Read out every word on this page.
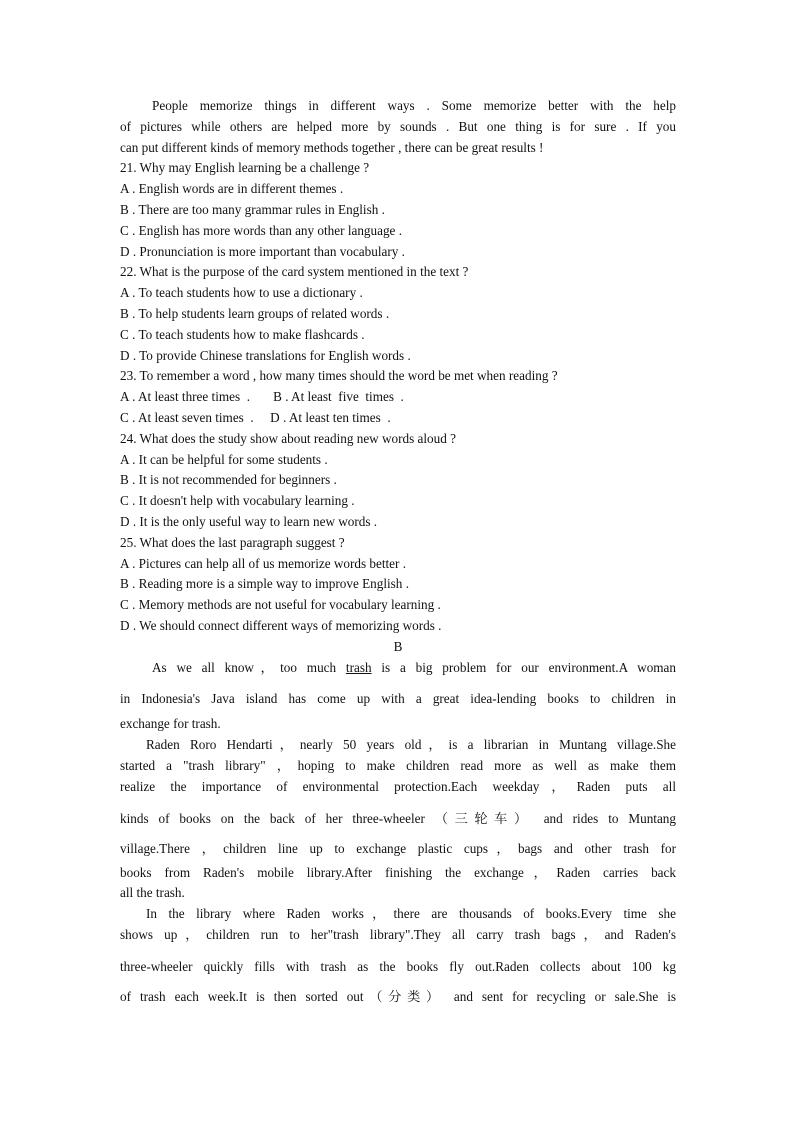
People memorize things in different ways . Some memorize better with the help
of pictures while others are helped more by sounds . But one thing is for sure . If you
can put different kinds of memory methods together , there can be great results !
21. Why may English learning be a challenge ?
A . English words are in different themes .
B . There are too many grammar rules in English .
C . English has more words than any other language .
D . Pronunciation is more important than vocabulary .
22. What is the purpose of the card system mentioned in the text ?
A . To teach students how to use a dictionary .
B . To help students learn groups of related words .
C . To teach students how to make flashcards .
D . To provide Chinese translations for English words .
23. To remember a word , how many times should the word be met when reading ?
A . At least three times  .       B . At least  five  times  .
C . At least seven times  .     D . At least ten times  .
24. What does the study show about reading new words aloud ?
A . It can be helpful for some students .
B . It is not recommended for beginners .
C . It doesn't help with vocabulary learning .
D . It is the only useful way to learn new words .
25. What does the last paragraph suggest ?
A . Pictures can help all of us memorize words better .
B . Reading more is a simple way to improve English .
C . Memory methods are not useful for vocabulary learning .
D . We should connect different ways of memorizing words .
B
As we all know，too much trash is a big problem for our environment.A woman
in Indonesia's Java island has come up with a great idea-lending books to children in
exchange for trash.
Raden Roro Hendarti，nearly 50 years old，is a librarian in Muntang village.She
started a "trash library" ，hoping to make children read more as well as make them
realize the importance of environmental protection.Each weekday，Raden puts all
kinds of books on the back of her three-wheeler （三轮车） and rides to Muntang
village.There ，children line up to exchange plastic cups，bags and other trash for
books from Raden's mobile library.After finishing the exchange，Raden carries back
all the trash.
In the library where Raden works，there are thousands of books.Every time she
shows up，children run to her"trash library".They all carry trash bags，and Raden's
three-wheeler quickly fills with trash as the books fly out.Raden collects about 100 kg
of trash each week.It is then sorted out（分类） and sent for recycling or sale.She is
